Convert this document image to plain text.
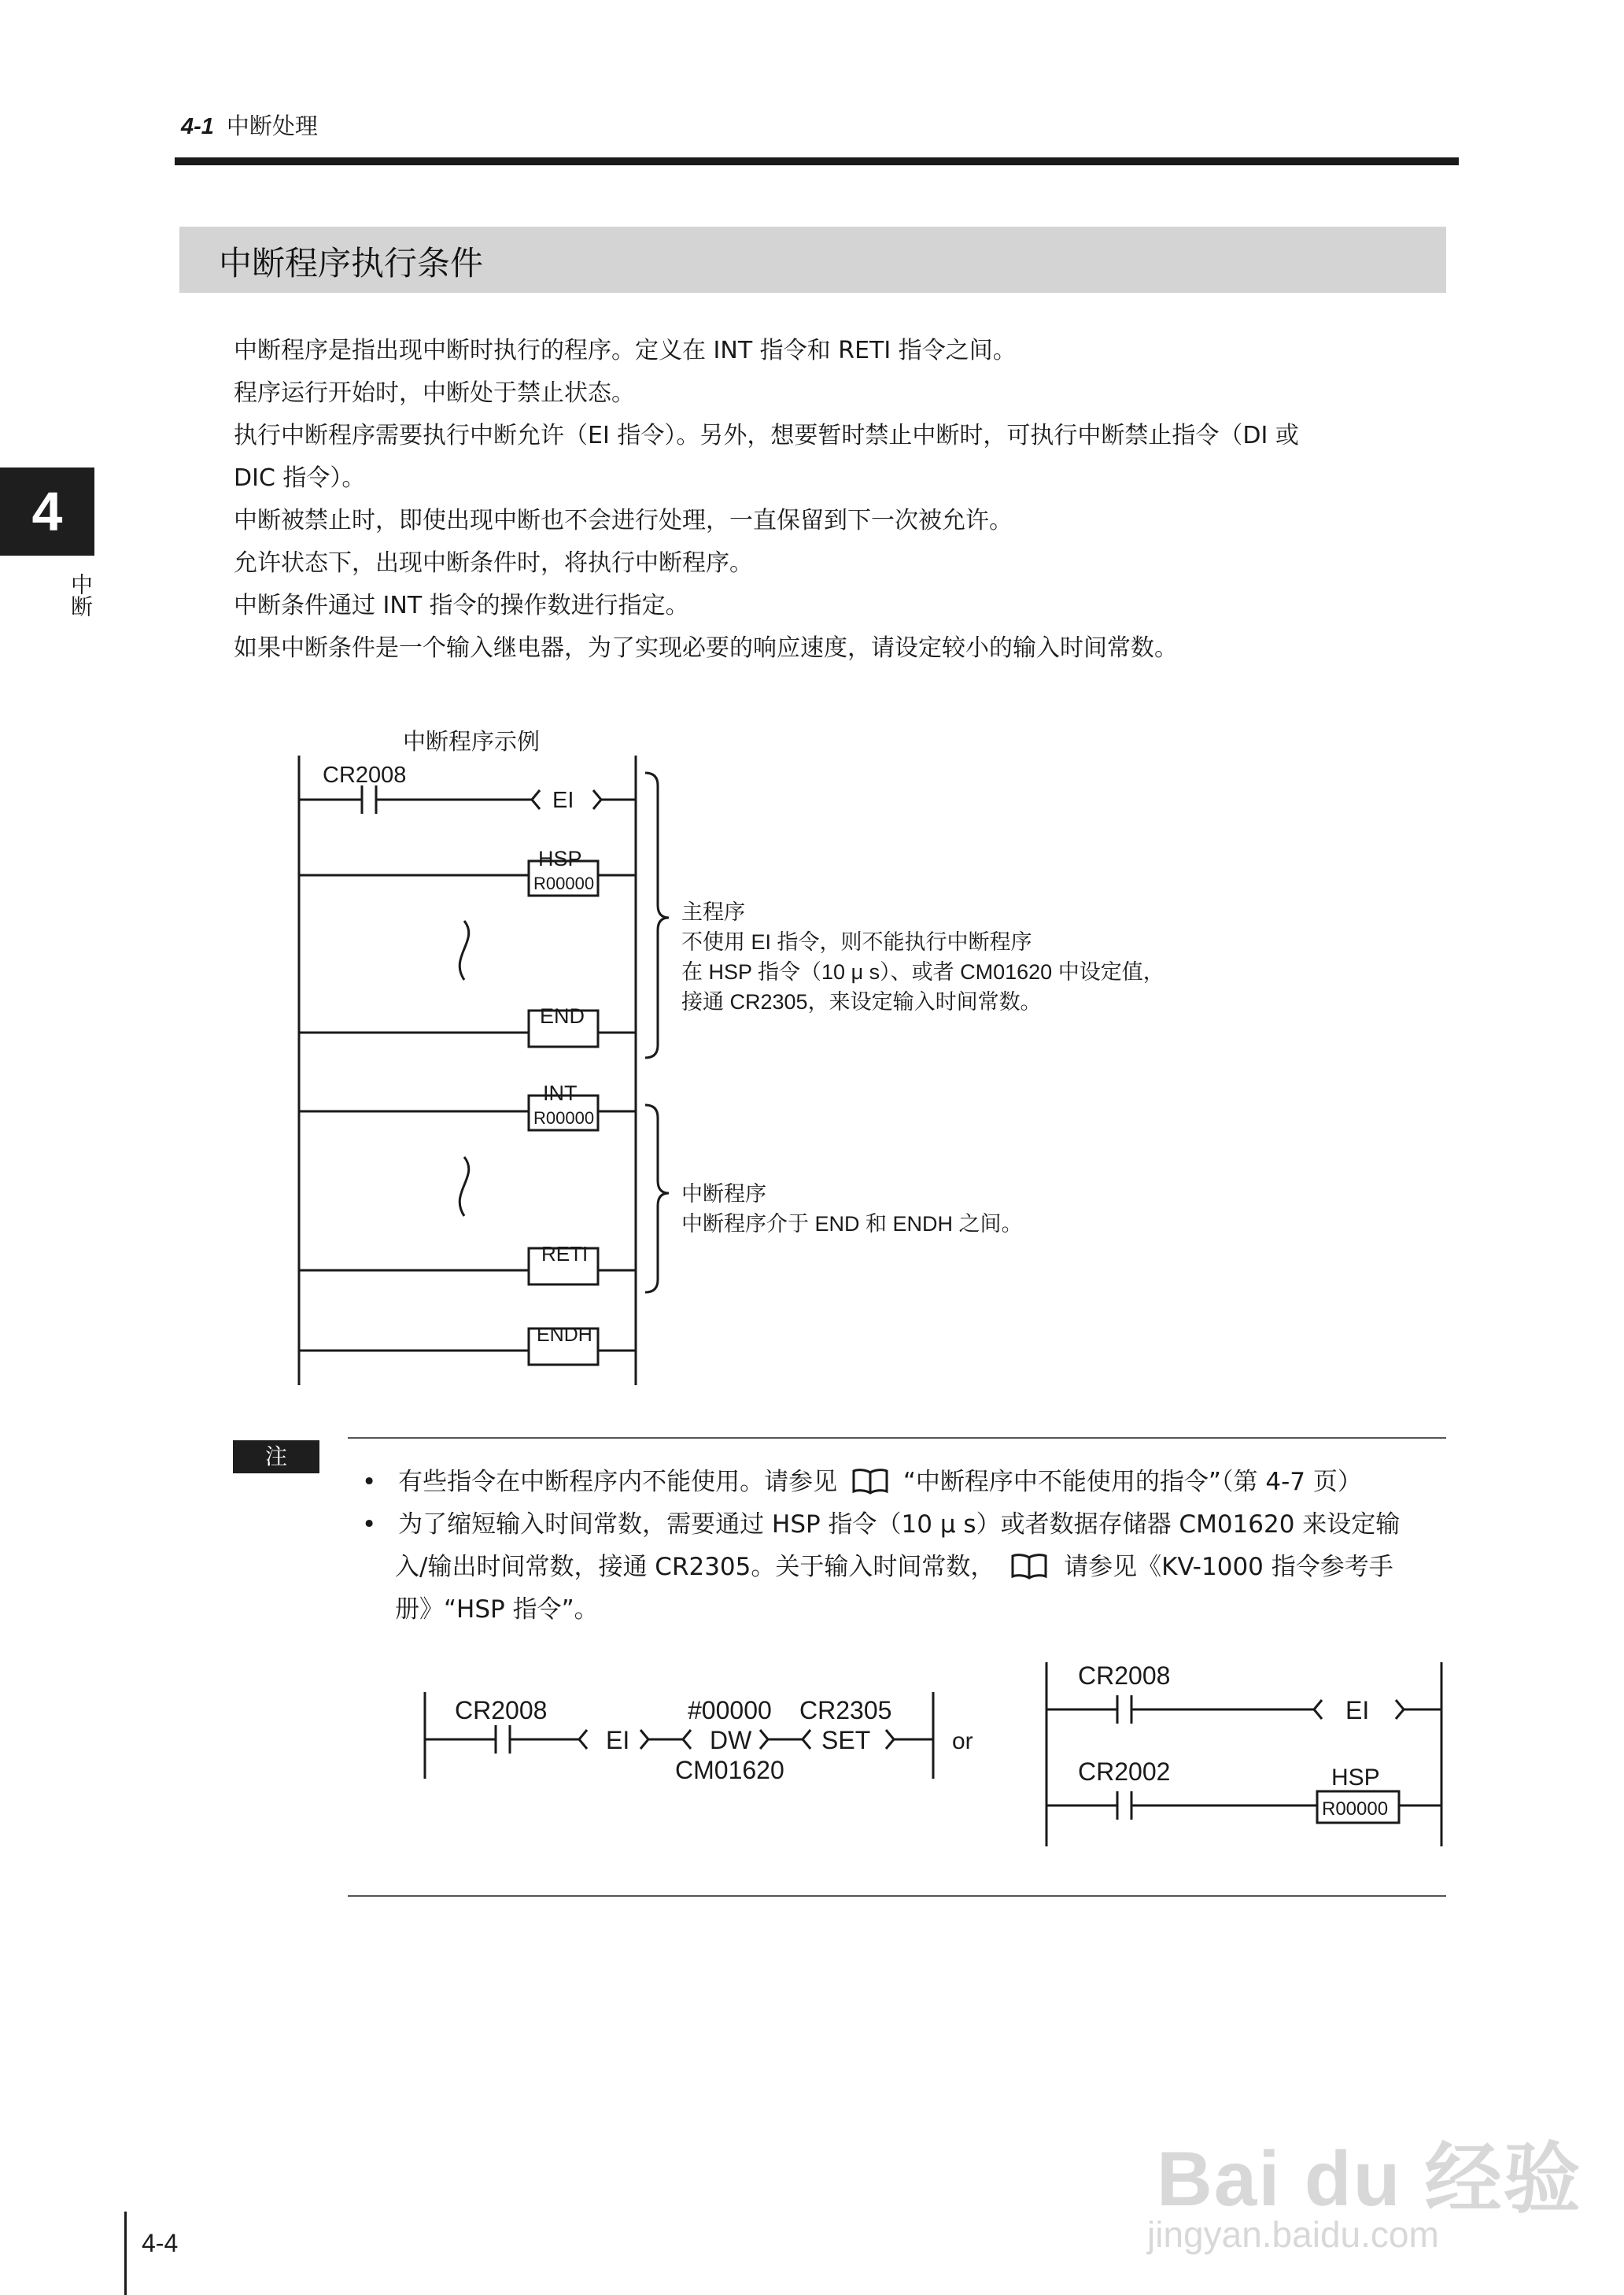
4-1 中断处理
中断程序执行条件
4
中断
中断程序是指出现中断时执行的程序。定义在 INT 指令和 RETI 指令之间。
程序运行开始时，中断处于禁止状态。
执行中断程序需要执行中断允许（EI 指令）。另外，想要暂时禁止中断时，可执行中断禁止指令（DI 或
DIC 指令）。
中断被禁止时，即使出现中断也不会进行处理，一直保留到下一次被允许。
允许状态下，出现中断条件时，将执行中断程序。
中断条件通过 INT 指令的操作数进行指定。
如果中断条件是一个输入继电器，为了实现必要的响应速度，请设定较小的输入时间常数。
中断程序示例
CR2008
EI
HSP
R00000
END
INT
R00000
RETI
ENDH
主程序
不使用 EI 指令，则不能执行中断程序
在 HSP 指令（10 μ s）、或者 CM01620 中设定值，
接通 CR2305，来设定输入时间常数。
中断程序
中断程序介于 END 和 ENDH 之间。
注
• 有些指令在中断程序内不能使用。请参见	“中断程序中不能使用的指令”（第 4-7 页）
• 为了缩短输入时间常数，需要通过 HSP 指令（10 μ s）或者数据存储器 CM01620 来设定输
入/输出时间常数，接通 CR2305。关于输入时间常数，	请参见《KV-1000 指令参考手
册》“HSP 指令”。
CR2008
EI
#00000
DW
CM01620
CR2305
SET	or
CR2008
EI
CR2002	HSP
R00000
Bai du 经验
jingyan.baidu.com
4-4
